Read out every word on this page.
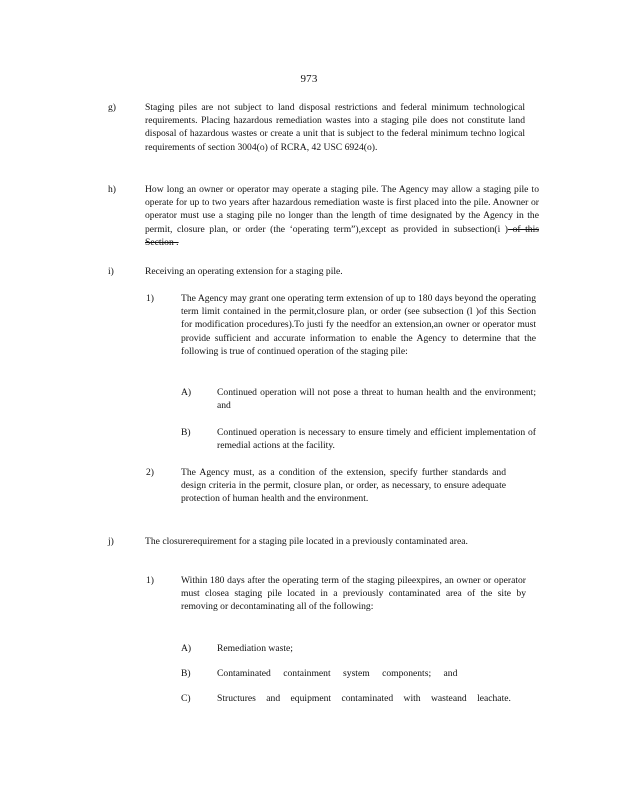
973
g)	Staging piles are not subject to land disposal restrictions and federal minimum technological requirements. Placing hazardous remediation wastes into a staging pile does not constitute land disposal of hazardous wastes or create a unit that is subject to the federal minimum techno logical requirements of section 3004(o) of RCRA, 42 USC 6924(o).
h)	How long an owner or operator may operate a staging pile. The Agency may allow a staging pile to operate for up to two years after hazardous remediation waste is first placed into the pile. Anowner or operator must use a staging pile no longer than the length of time designated by the Agency in the permit, closure plan, or order (the ‘operating term”),except as provided in subsection(i ) of this Section .
i)	Receiving an operating extension for a staging pile.
1)	The Agency may grant one operating term extension of up to 180 days beyond the operating term limit contained in the permit,closure plan, or order (see subsection (l )of this Section for modification procedures).To justi fy the needfor an extension,an owner or operator must provide sufficient and accurate information to enable the Agency to determine that the following is true of continued operation of the staging pile:
A)	Continued operation will not pose a threat to human health and the environment; and
B)	Continued operation is necessary to ensure timely and efficient implementation of remedial actions at the facility.
2)	The Agency must, as a condition of the extension, specify further standards and design criteria in the permit, closure plan, or order, as necessary, to ensure adequate protection of human health and the environment.
j)	The closurerequirement for a staging pile located in a previously contaminated area.
1)	Within 180 days after the operating term of the staging pileexpires, an owner or operator must closea staging pile located in a previously contaminated area of the site by removing or decontaminating all of the following:
A)	Remediation waste;
B)	Contaminated containment system components; and
C)	Structures and equipment contaminated with wasteand leachate.
